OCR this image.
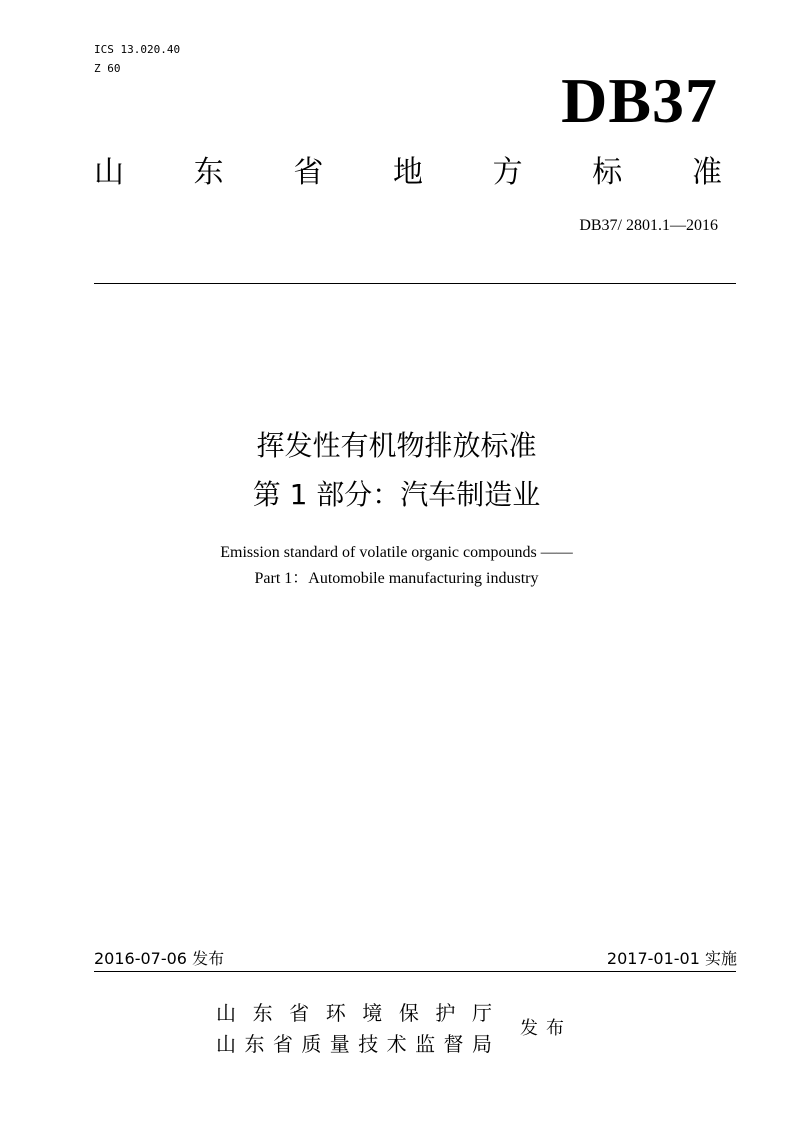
ICS 13.020.40
Z 60	DB37
山 东 省 地 方 标 准
DB37/ 2801.1—2016
挥发性有机物排放标准
第 1 部分：汽车制造业
Emission standard of volatile organic compounds ——
Part 1：Automobile manufacturing industry
2016-07-06 发布	2017-01-01 实施
山 东 省 环 境 保 护 厅
山 东 省 质 量 技 术 监 督 局
发布
